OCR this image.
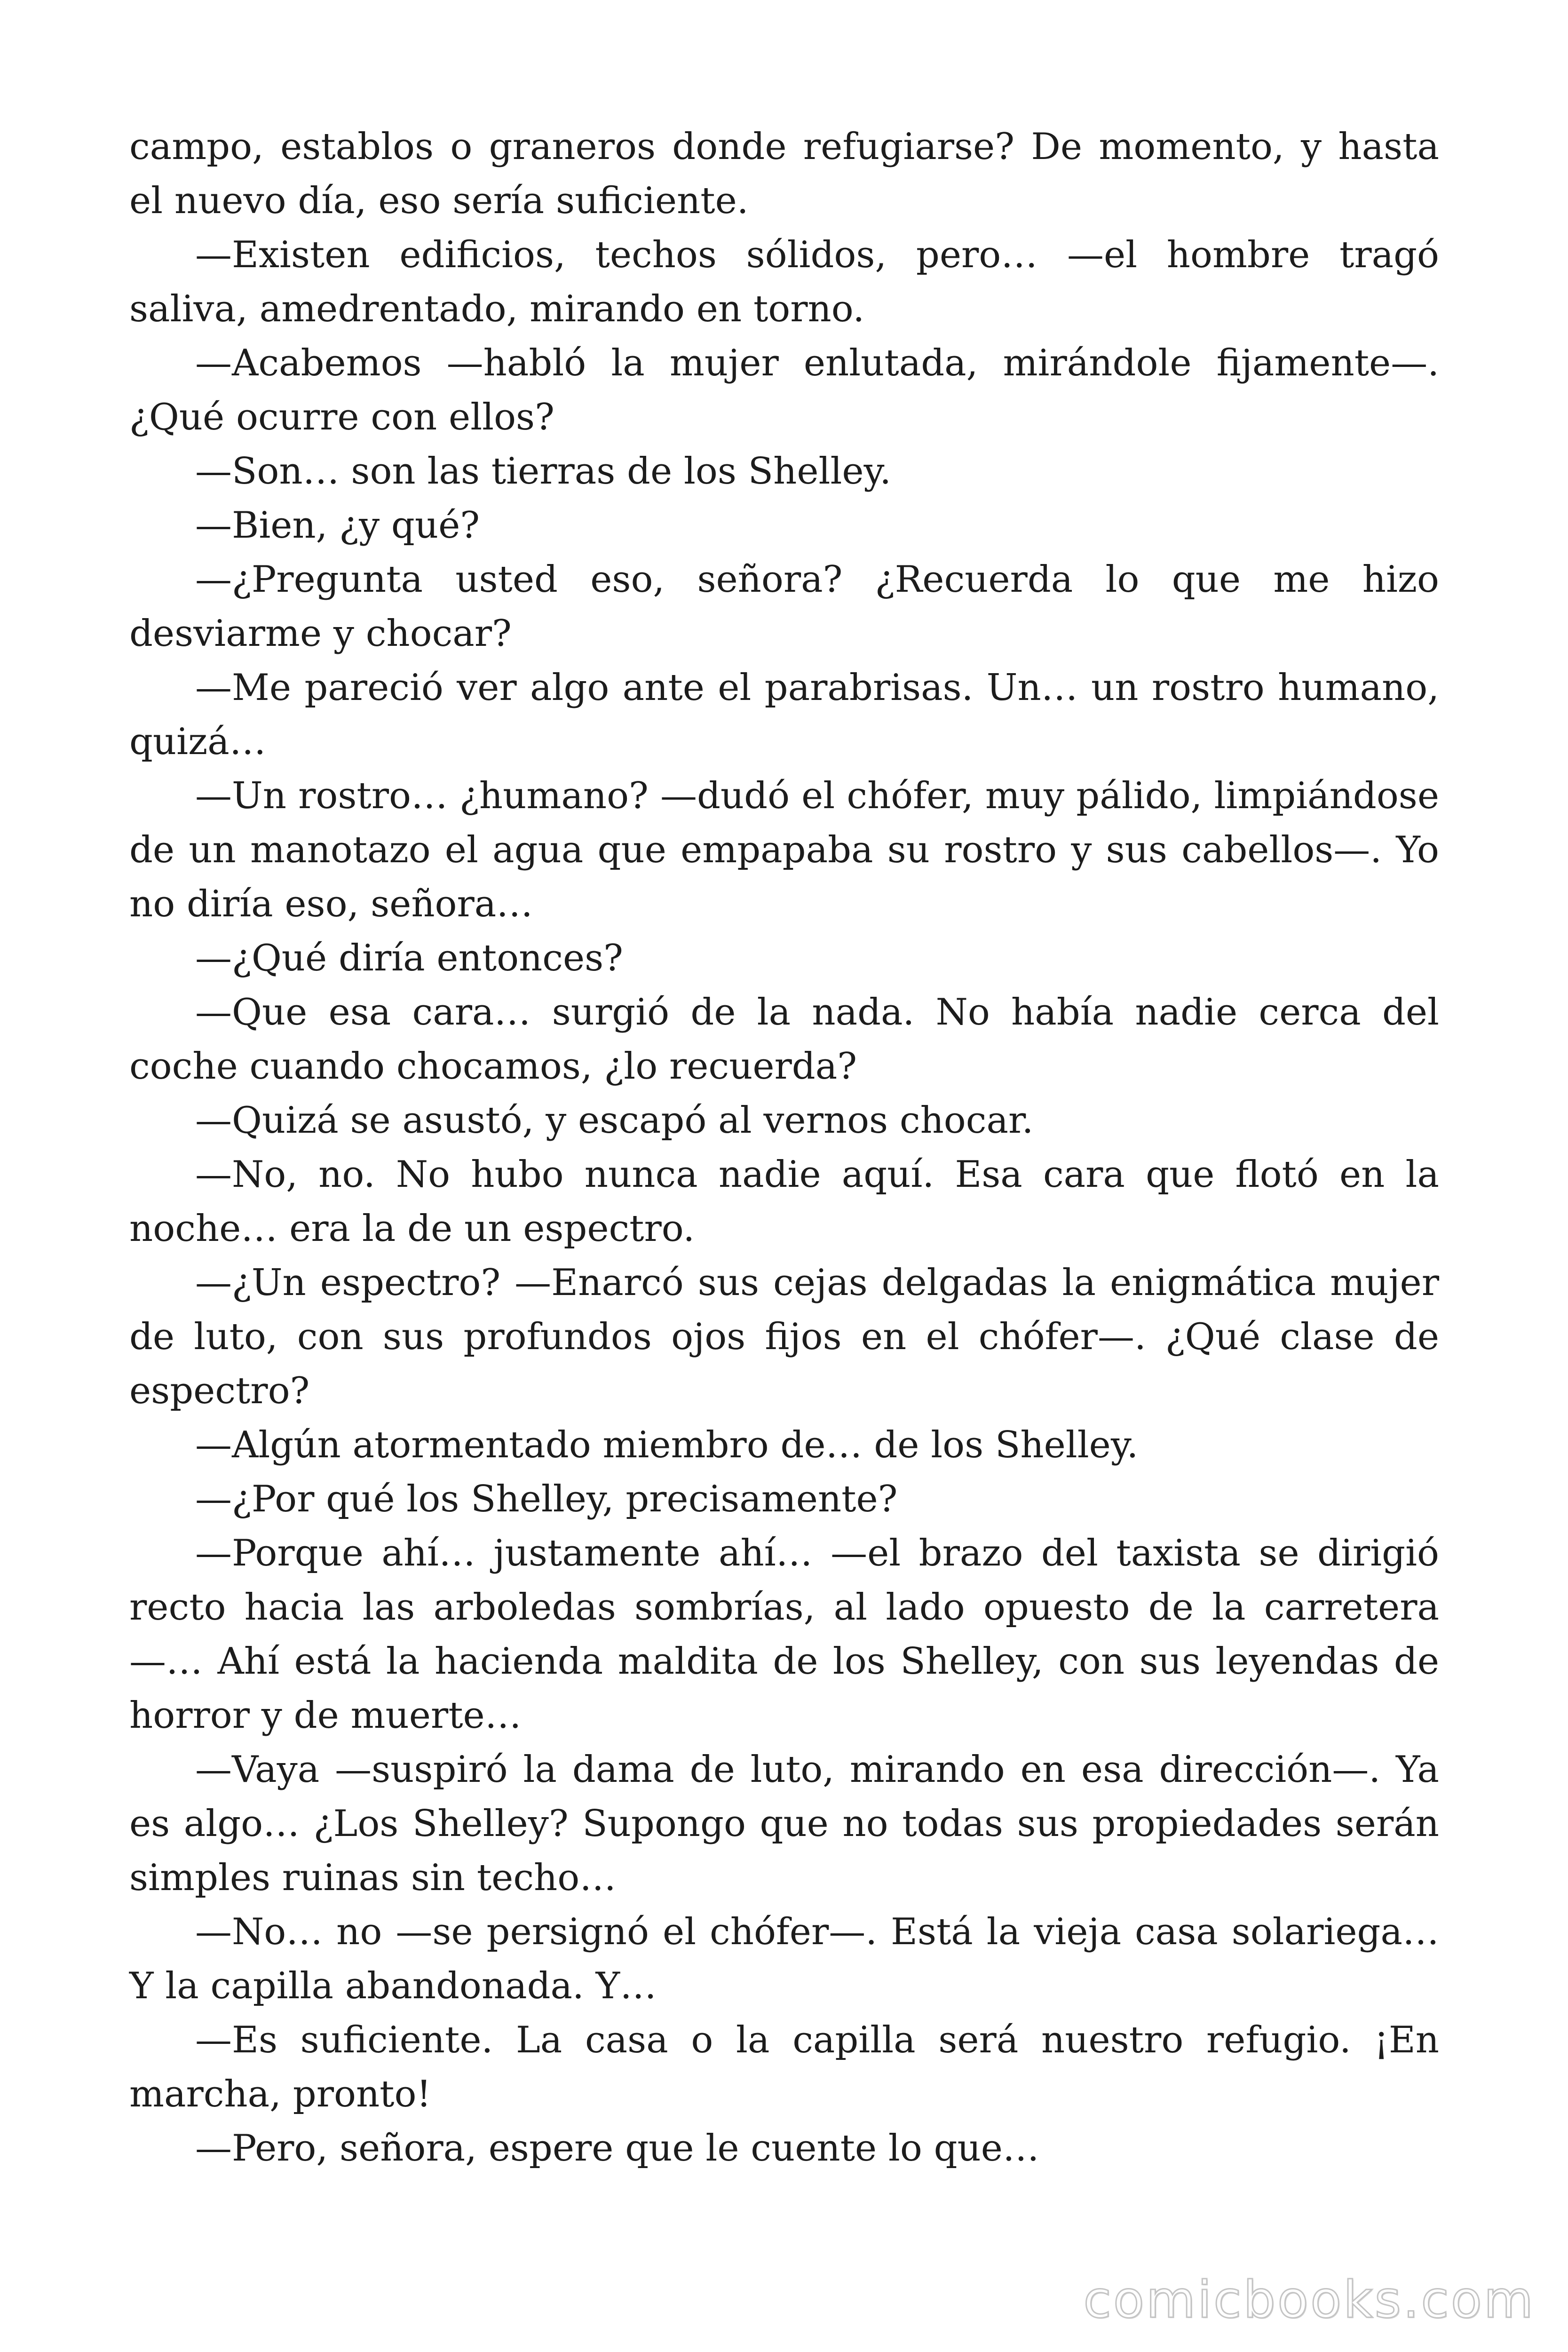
campo, establos o graneros donde refugiarse? De momento, y hasta el nuevo día, eso sería suficiente.

—Existen edificios, techos sólidos, pero… —el hombre tragó saliva, amedrentado, mirando en torno.

—Acabemos —habló la mujer enlutada, mirándole fijamente—. ¿Qué ocurre con ellos?

—Son… son las tierras de los Shelley.

—Bien, ¿y qué?

—¿Pregunta usted eso, señora? ¿Recuerda lo que me hizo desviarme y chocar?

—Me pareció ver algo ante el parabrisas. Un… un rostro humano, quizá…

—Un rostro… ¿humano? —dudó el chófer, muy pálido, limpiándose de un manotazo el agua que empapaba su rostro y sus cabellos—. Yo no diría eso, señora…

—¿Qué diría entonces?

—Que esa cara… surgió de la nada. No había nadie cerca del coche cuando chocamos, ¿lo recuerda?

—Quizá se asustó, y escapó al vernos chocar.

—No, no. No hubo nunca nadie aquí. Esa cara que flotó en la noche… era la de un espectro.

—¿Un espectro? —Enarcó sus cejas delgadas la enigmática mujer de luto, con sus profundos ojos fijos en el chófer—. ¿Qué clase de espectro?

—Algún atormentado miembro de… de los Shelley.

—¿Por qué los Shelley, precisamente?

—Porque ahí… justamente ahí… —el brazo del taxista se dirigió recto hacia las arboledas sombrías, al lado opuesto de la carretera—… Ahí está la hacienda maldita de los Shelley, con sus leyendas de horror y de muerte…

—Vaya —suspiró la dama de luto, mirando en esa dirección—. Ya es algo… ¿Los Shelley? Supongo que no todas sus propiedades serán simples ruinas sin techo…

—No… no —se persignó el chófer—. Está la vieja casa solariega… Y la capilla abandonada. Y…

—Es suficiente. La casa o la capilla será nuestro refugio. ¡En marcha, pronto!

—Pero, señora, espere que le cuente lo que…

comicbooks.com
